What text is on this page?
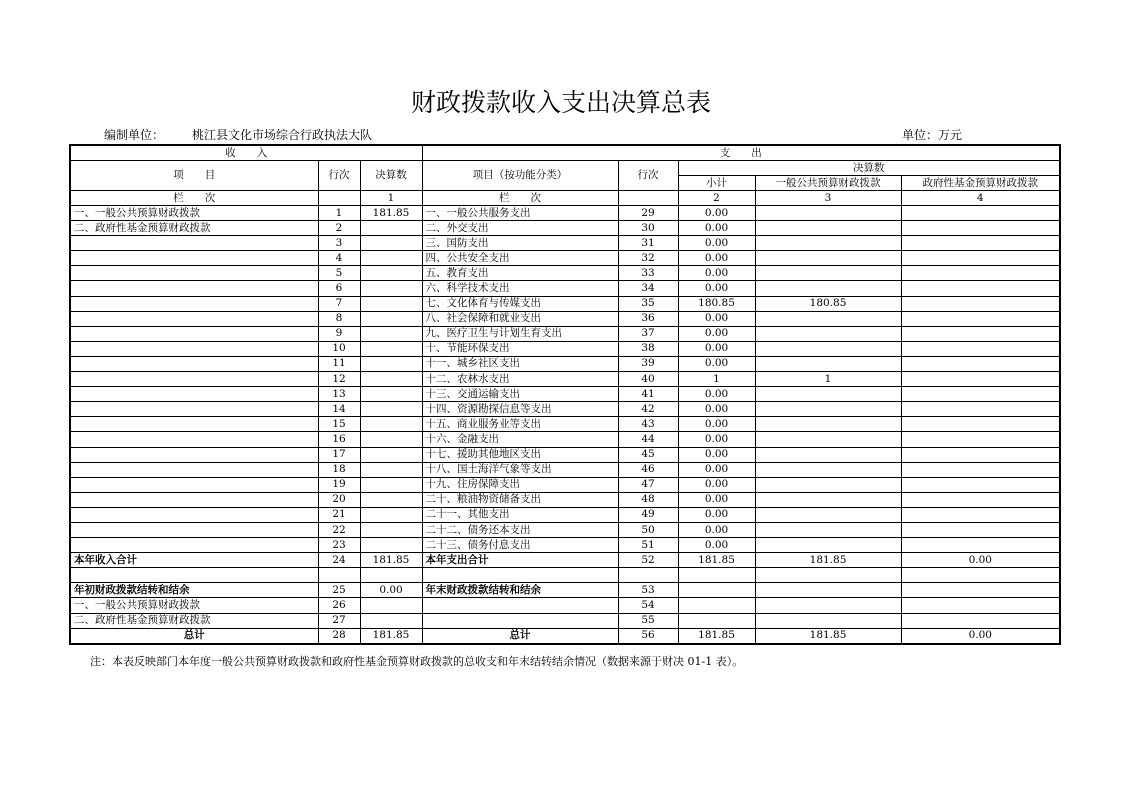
财政拨款收入支出决算总表
编制单位： 桃江县文化市场综合行政执法大队	单位：万元
收　　入			支　　出				
项　　目	行次	决算数	项目（按功能分类）	行次	决算数		
					小计	一般公共预算财政拨款	政府性基金预算财政拨款
栏　　次		1	栏　　次		2	3	4
一、一般公共预算财政拨款	1	181.85	一、一般公共服务支出	29	0.00		
二、政府性基金预算财政拨款	2		二、外交支出	30	0.00		
	3		三、国防支出	31	0.00		
	4		四、公共安全支出	32	0.00		
	5		五、教育支出	33	0.00		
	6		六、科学技术支出	34	0.00		
	7		七、文化体育与传媒支出	35	180.85	180.85	
	8		八、社会保障和就业支出	36	0.00		
	9		九、医疗卫生与计划生育支出	37	0.00		
	10		十、节能环保支出	38	0.00		
	11		十一、城乡社区支出	39	0.00		
	12		十二、农林水支出	40	1	1	
	13		十三、交通运输支出	41	0.00		
	14		十四、资源勘探信息等支出	42	0.00		
	15		十五、商业服务业等支出	43	0.00		
	16		十六、金融支出	44	0.00		
	17		十七、援助其他地区支出	45	0.00		
	18		十八、国土海洋气象等支出	46	0.00		
	19		十九、住房保障支出	47	0.00		
	20		二十、粮油物资储备支出	48	0.00		
	21		二十一、其他支出	49	0.00		
	22		二十二、债务还本支出	50	0.00		
	23		二十三、债务付息支出	51	0.00		
本年收入合计	24	181.85	本年支出合计	52	181.85	181.85	0.00

年初财政拨款结转和结余	25	0.00	年末财政拨款结转和结余	53			
一、一般公共预算财政拨款	26			54			
二、政府性基金预算财政拨款	27			55			
总计	28	181.85	总计	56	181.85	181.85	0.00
注：本表反映部门本年度一般公共预算财政拨款和政府性基金预算财政拨款的总收支和年末结转结余情况（数据来源于财决 01-1 表）。
